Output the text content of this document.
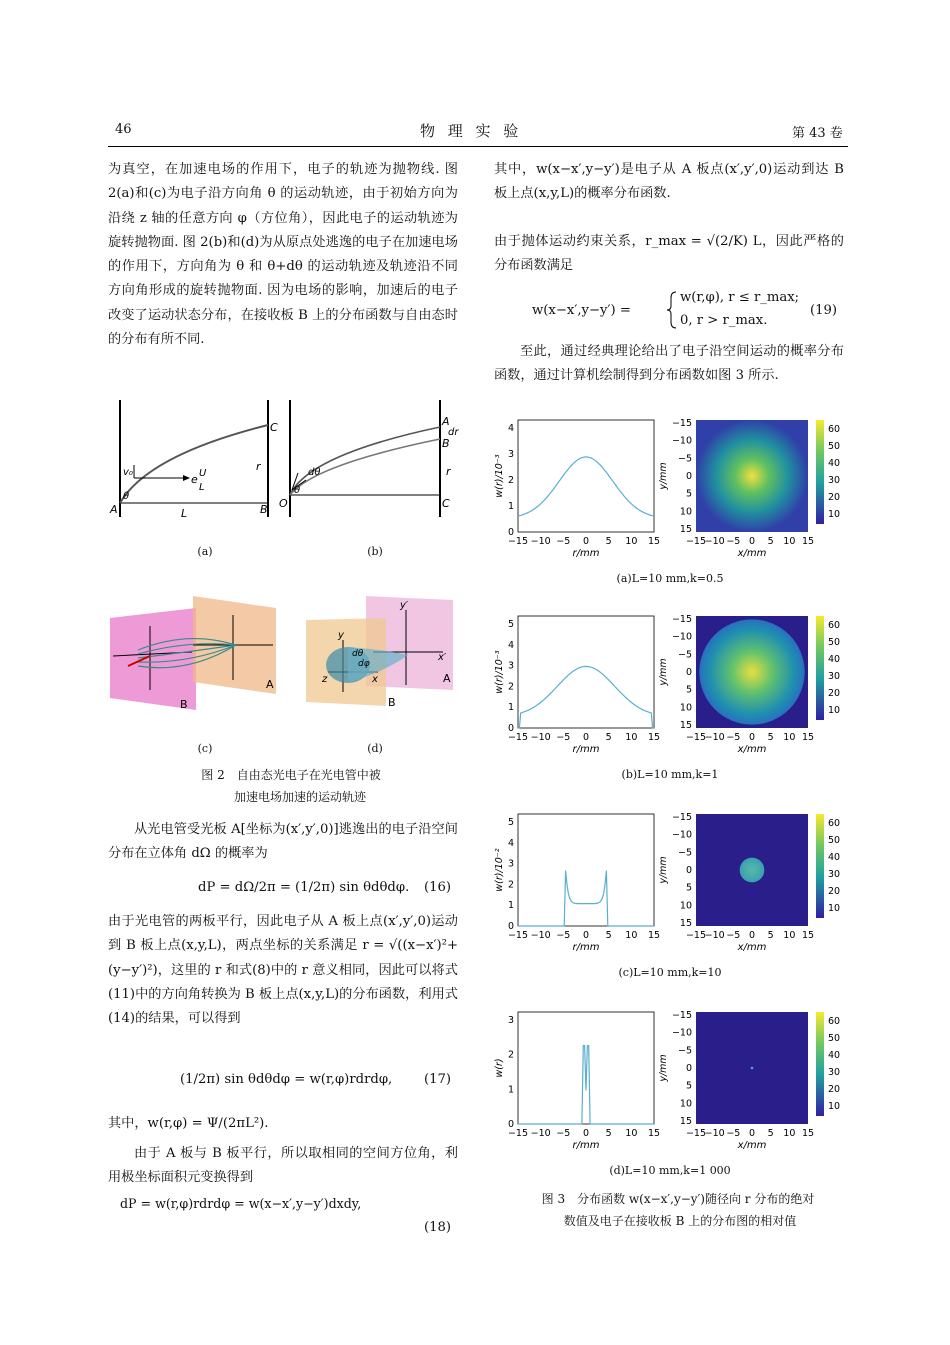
46	物 理 实 验	第 43 卷

为真空，在加速电场的作用下，电子的轨迹为抛物线. 图 2(a)和(c)为电子沿方向角 θ 的运动轨迹，由于初始方向为沿绕 z 轴的任意方向 φ（方位角），因此电子的运动轨迹为旋转抛物面. 图 2(b)和(d)为从原点处逃逸的电子在加速电场的作用下，方向角为 θ 和 θ+dθ 的运动轨迹及轨迹沿不同方向角形成的旋转抛物面. 因为电场的影响，加速后的电子改变了运动状态分布，在接收板 B 上的分布函数与自由态时的分布有所不同.

C
r
v₀
e U
L
θ
A	L	B
(a)
A
dr
B
r
dθ
θ
O	C
(b)
A
B
(c)
y′
x′
y
dθ
dφ
z	x	A
B
(d)
图 2　自由态光电子在光电管中被
加速电场加速的运动轨迹

从光电管受光板 A[坐标为(x′,y′,0)]逃逸出的电子沿空间分布在立体角 dΩ 的概率为

dP = dΩ/2π = (1/2π) sin θdθdφ. (16)

由于光电管的两板平行，因此电子从 A 板上点(x′,y′,0)运动到 B 板上点(x,y,L)，两点坐标的关系满足 r = √((x−x′)²+(y−y′)²)，这里的 r 和式(8)中的 r 意义相同，因此可以将式(11)中的方向角转换为 B 板上点(x,y,L)的分布函数，利用式(14)的结果，可以得到

(1/2π) sin θdθdφ = w(r,φ)rdrdφ, (17)
其中，w(r,φ) = Ψ/(2πL²).

由于 A 板与 B 板平行，所以取相同的空间方位角，利用极坐标面积元变换得到

dP = w(r,φ)rdrdφ = w(x−x′,y−y′)dxdy,
(18)

其中，w(x−x′,y−y′)是电子从 A 板点(x′,y′,0)运动到达 B 板上点(x,y,L)的概率分布函数.

由于抛体运动约束关系，r_max = √(2/K) L，因此严格的分布函数满足

w(x−x′,y−y′) =
w(r,φ), r ≤ r_max;
0, r > r_max.
(19)

至此，通过经典理论给出了电子沿空间运动的概率分布函数，通过计算机绘制得到分布函数如图 3 所示.

4
3
2
1
0
−15 −10 −5 0 5 10 15
r/mm
w(r)/10⁻³
−15
−10
−5
0
5
10
15
−15
−10 −5 0 5 10 15
x/mm
y/mm
60
50
40
30
20
10
(a)L=10 mm,k=0.5
5
4
3
2
1
0
−15 −10 −5 0 5 10 15
r/mm
w(r)/10⁻³
−15
−10
−5
0
5
10
15
−15
−10 −5 0 5 10 15
x/mm
y/mm
60
50
40
30
20
10
(b)L=10 mm,k=1
5
4
3
2
1
0
−15 −10 −5 0 5 10 15
r/mm
w(r)/10⁻²
−15
−10
−5
0
5
10
15
−15
−10 −5 0 5 10 15
x/mm
y/mm
60
50
40
30
20
10
(c)L=10 mm,k=10
3
2
1
0
−15 −10 −5 0 5 10 15
r/mm
w(r)
−15
−10
−5
0
5
10
15
−15
−10 −5 0 5 10 15
x/mm
y/mm
60
50
40
30
20
10
(d)L=10 mm,k=1 000
图 3　分布函数 w(x−x′,y−y′)随径向 r 分布的绝对
数值及电子在接收板 B 上的分布图的相对值
